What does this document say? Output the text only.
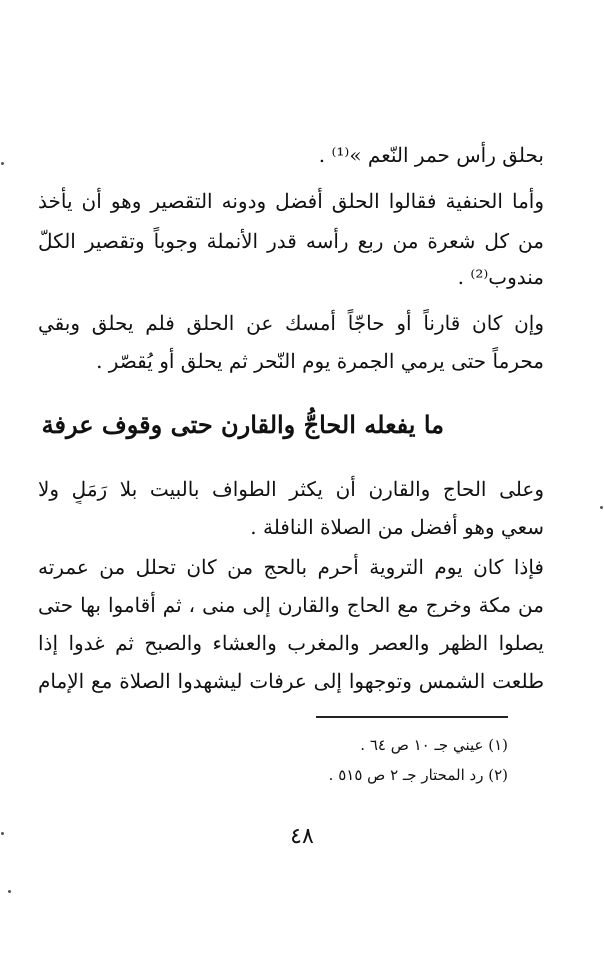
بحلق رأس حمر النّعم »⁽¹⁾ .
وأما الحنفية فقالوا الحلق أفضل ودونه التقصير وهو أن يأخذ
من كل شعرة من ربع رأسه قدر الأنملة وجوباً وتقصير الكلّ
مندوب⁽²⁾ .
وإن كان قارناً أو حاجّاً أمسك عن الحلق فلم يحلق وبقي
محرماً حتى يرمي الجمرة يوم النّحر ثم يحلق أو يُقصّر .
ما يفعله الحاجُّ والقارن حتى وقوف عرفة
وعلى الحاج والقارن أن يكثر الطواف بالبيت بلا رَمَلٍ ولا
سعي وهو أفضل من الصلاة النافلة .
فإذا كان يوم التروية أحرم بالحج من كان تحلل من عمرته
من مكة وخرج مع الحاج والقارن إلى منى ، ثم أقاموا بها حتى
يصلوا الظهر والعصر والمغرب والعشاء والصبح ثم غدوا إذا
طلعت الشمس وتوجهوا إلى عرفات ليشهدوا الصلاة مع الإمام
(١) عيني جـ ١٠ ص ٦٤ .
(٢) رد المحتار جـ ٢ ص ٥١٥ .
٤٨
